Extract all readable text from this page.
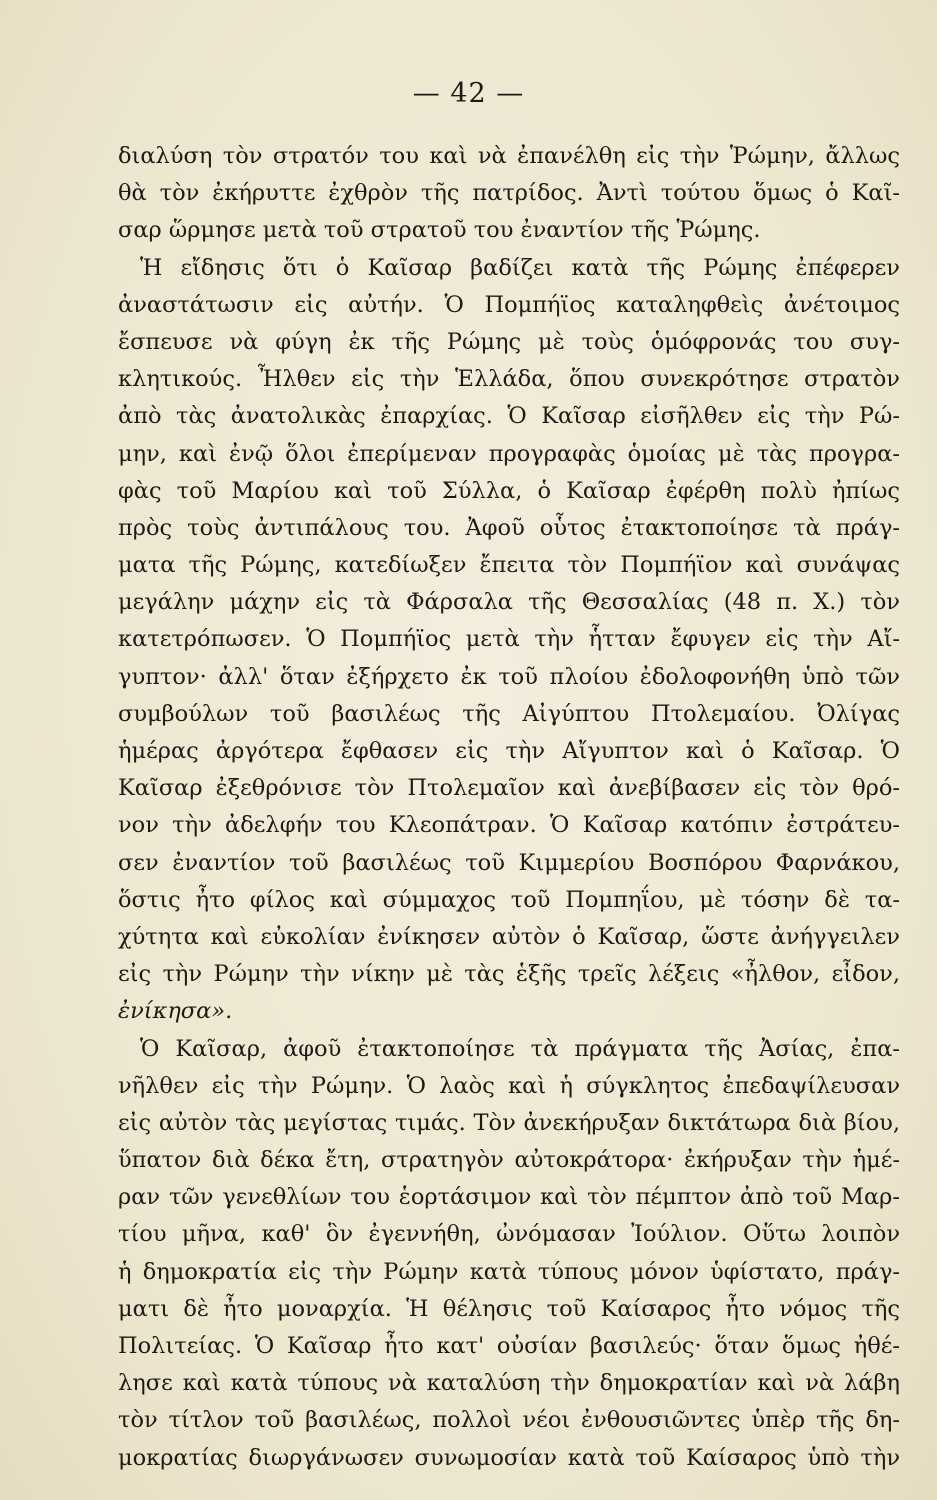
— 42 —
διαλύση τὸν στρατόν του καὶ νὰ ἐπανέλθη εἰς τὴν Ῥώμην, ἄλλως
θὰ τὸν ἐκήρυττε ἐχθρὸν τῆς πατρίδος. Ἀντὶ τούτου ὅμως ὁ Καῖ-
σαρ ὥρμησε μετὰ τοῦ στρατοῦ του ἐναντίον τῆς Ῥώμης.
Ἡ εἴδησις ὅτι ὁ Καῖσαρ βαδίζει κατὰ τῆς Ρώμης ἐπέφερεν
ἀναστάτωσιν εἰς αὐτήν. Ὁ Πομπήϊος καταληφθεὶς ἀνέτοιμος
ἔσπευσε νὰ φύγη ἐκ τῆς Ρώμης μὲ τοὺς ὁμόφρονάς του συγ-
κλητικούς. Ἦλθεν εἰς τὴν Ἑλλάδα, ὅπου συνεκρότησε στρατὸν
ἀπὸ τὰς ἀνατολικὰς ἐπαρχίας. Ὁ Καῖσαρ εἰσῆλθεν εἰς τὴν Ρώ-
μην, καὶ ἐνῷ ὅλοι ἐπερίμεναν προγραφὰς ὁμοίας μὲ τὰς προγρα-
φὰς τοῦ Μαρίου καὶ τοῦ Σύλλα, ὁ Καῖσαρ ἐφέρθη πολὺ ἠπίως
πρὸς τοὺς ἀντιπάλους του. Ἀφοῦ οὗτος ἐτακτοποίησε τὰ πράγ-
ματα τῆς Ρώμης, κατεδίωξεν ἔπειτα τὸν Πομπήϊον καὶ συνάψας
μεγάλην μάχην εἰς τὰ Φάρσαλα τῆς Θεσσαλίας (48 π. Χ.) τὸν
κατετρόπωσεν. Ὁ Πομπήϊος μετὰ τὴν ἧτταν ἔφυγεν εἰς τὴν Αἴ-
γυπτον· ἀλλ' ὅταν ἐξήρχετο ἐκ τοῦ πλοίου ἐδολοφονήθη ὑπὸ τῶν
συμβούλων τοῦ βασιλέως τῆς Αἰγύπτου Πτολεμαίου. Ὀλίγας
ἡμέρας ἀργότερα ἔφθασεν εἰς τὴν Αἴγυπτον καὶ ὁ Καῖσαρ. Ὁ
Καῖσαρ ἐξεθρόνισε τὸν Πτολεμαῖον καὶ ἀνεβίβασεν εἰς τὸν θρό-
νον τὴν ἀδελφήν του Κλεοπάτραν. Ὁ Καῖσαρ κατόπιν ἐστράτευ-
σεν ἐναντίον τοῦ βασιλέως τοῦ Κιμμερίου Βοσπόρου Φαρνάκου,
ὅστις ἦτο φίλος καὶ σύμμαχος τοῦ Πομπηΐου, μὲ τόσην δὲ τα-
χύτητα καὶ εὐκολίαν ἐνίκησεν αὐτὸν ὁ Καῖσαρ, ὥστε ἀνήγγειλεν
εἰς τὴν Ρώμην τὴν νίκην μὲ τὰς ἑξῆς τρεῖς λέξεις «ἦλθον, εἶδον,
ἐνίκησα».
Ὁ Καῖσαρ, ἀφοῦ ἐτακτοποίησε τὰ πράγματα τῆς Ἀσίας, ἐπα-
νῆλθεν εἰς τὴν Ρώμην. Ὁ λαὸς καὶ ἡ σύγκλητος ἐπεδαψίλευσαν
εἰς αὐτὸν τὰς μεγίστας τιμάς. Τὸν ἀνεκήρυξαν δικτάτωρα διὰ βίου,
ὕπατον διὰ δέκα ἔτη, στρατηγὸν αὐτοκράτορα· ἐκήρυξαν τὴν ἡμέ-
ραν τῶν γενεθλίων του ἑορτάσιμον καὶ τὸν πέμπτον ἀπὸ τοῦ Μαρ-
τίου μῆνα, καθ' ὃν ἐγεννήθη, ὠνόμασαν Ἰούλιον. Οὕτω λοιπὸν
ἡ δημοκρατία εἰς τὴν Ρώμην κατὰ τύπους μόνον ὑφίστατο, πράγ-
ματι δὲ ἦτο μοναρχία. Ἡ θέλησις τοῦ Καίσαρος ἦτο νόμος τῆς
Πολιτείας. Ὁ Καῖσαρ ἦτο κατ' οὐσίαν βασιλεύς· ὅταν ὅμως ἠθέ-
λησε καὶ κατὰ τύπους νὰ καταλύση τὴν δημοκρατίαν καὶ νὰ λάβη
τὸν τίτλον τοῦ βασιλέως, πολλοὶ νέοι ἐνθουσιῶντες ὑπὲρ τῆς δη-
μοκρατίας διωργάνωσεν συνωμοσίαν κατὰ τοῦ Καίσαρος ὑπὸ τὴν
